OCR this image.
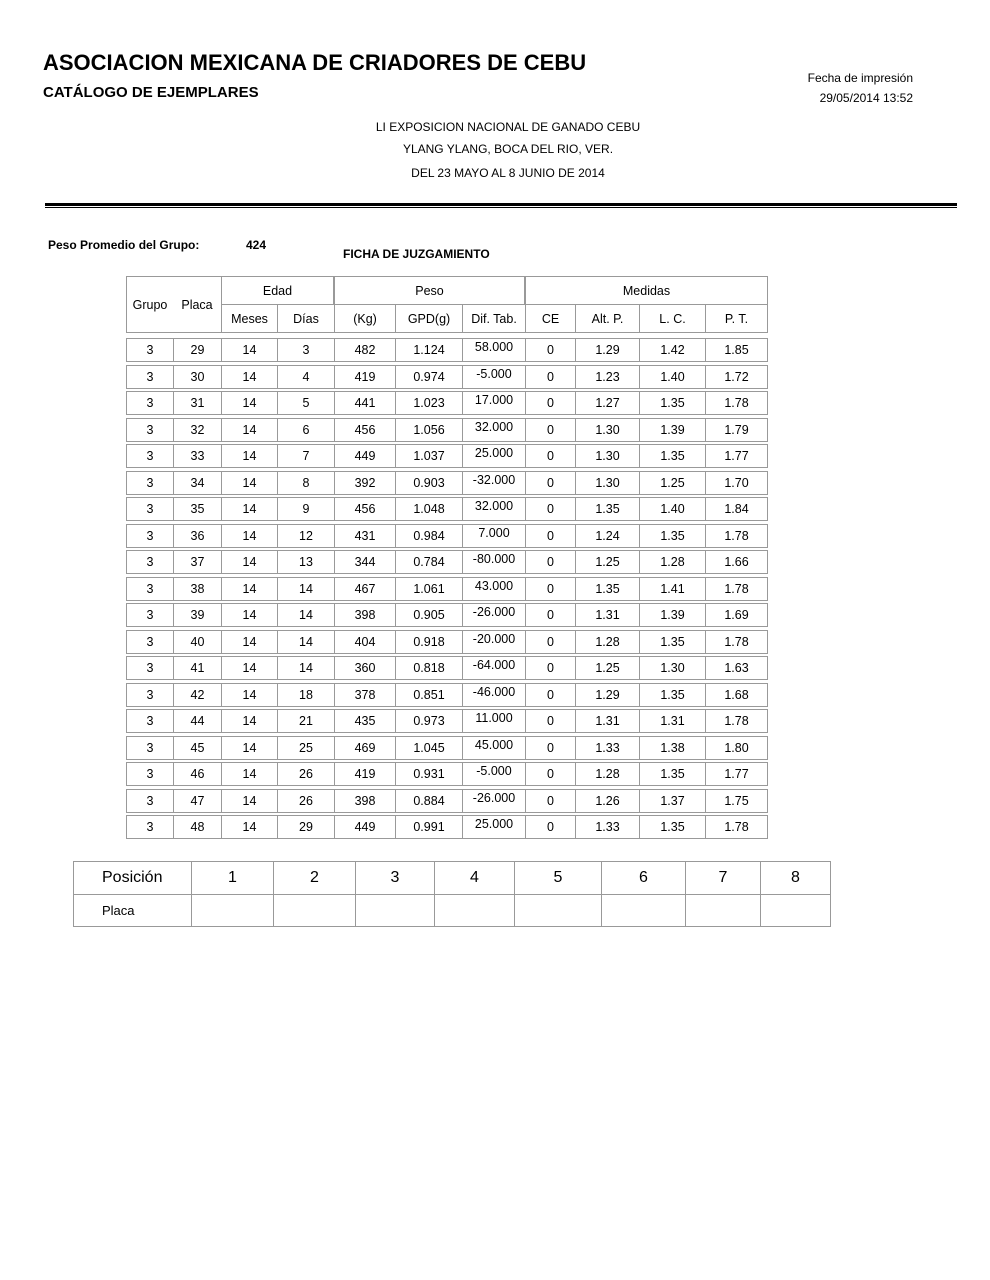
ASOCIACION MEXICANA DE CRIADORES DE CEBU
CATÁLOGO DE EJEMPLARES
Fecha de impresión
29/05/2014 13:52
LI EXPOSICION NACIONAL DE GANADO CEBU
YLANG YLANG, BOCA DEL RIO, VER.
DEL 23 MAYO AL 8 JUNIO DE 2014
Peso Promedio del Grupo:	424
FICHA DE JUZGAMIENTO
Grupo	Placa	Edad		Peso			Medidas			
		Meses	Días	(Kg)	GPD(g)	Dif. Tab.	CE	Alt. P.	L. C.	P. T.

3	29	14	3	482	1.124	58.000	0	1.29	1.42	1.85

3	30	14	4	419	0.974	-5.000	0	1.23	1.40	1.72

3	31	14	5	441	1.023	17.000	0	1.27	1.35	1.78

3	32	14	6	456	1.056	32.000	0	1.30	1.39	1.79

3	33	14	7	449	1.037	25.000	0	1.30	1.35	1.77

3	34	14	8	392	0.903	-32.000	0	1.30	1.25	1.70

3	35	14	9	456	1.048	32.000	0	1.35	1.40	1.84

3	36	14	12	431	0.984	7.000	0	1.24	1.35	1.78

3	37	14	13	344	0.784	-80.000	0	1.25	1.28	1.66

3	38	14	14	467	1.061	43.000	0	1.35	1.41	1.78

3	39	14	14	398	0.905	-26.000	0	1.31	1.39	1.69

3	40	14	14	404	0.918	-20.000	0	1.28	1.35	1.78

3	41	14	14	360	0.818	-64.000	0	1.25	1.30	1.63

3	42	14	18	378	0.851	-46.000	0	1.29	1.35	1.68

3	44	14	21	435	0.973	11.000	0	1.31	1.31	1.78

3	45	14	25	469	1.045	45.000	0	1.33	1.38	1.80

3	46	14	26	419	0.931	-5.000	0	1.28	1.35	1.77

3	47	14	26	398	0.884	-26.000	0	1.26	1.37	1.75

3	48	14	29	449	0.991	25.000	0	1.33	1.35	1.78
Posición	1	2	3	4	5	6	7	8
Placa								
